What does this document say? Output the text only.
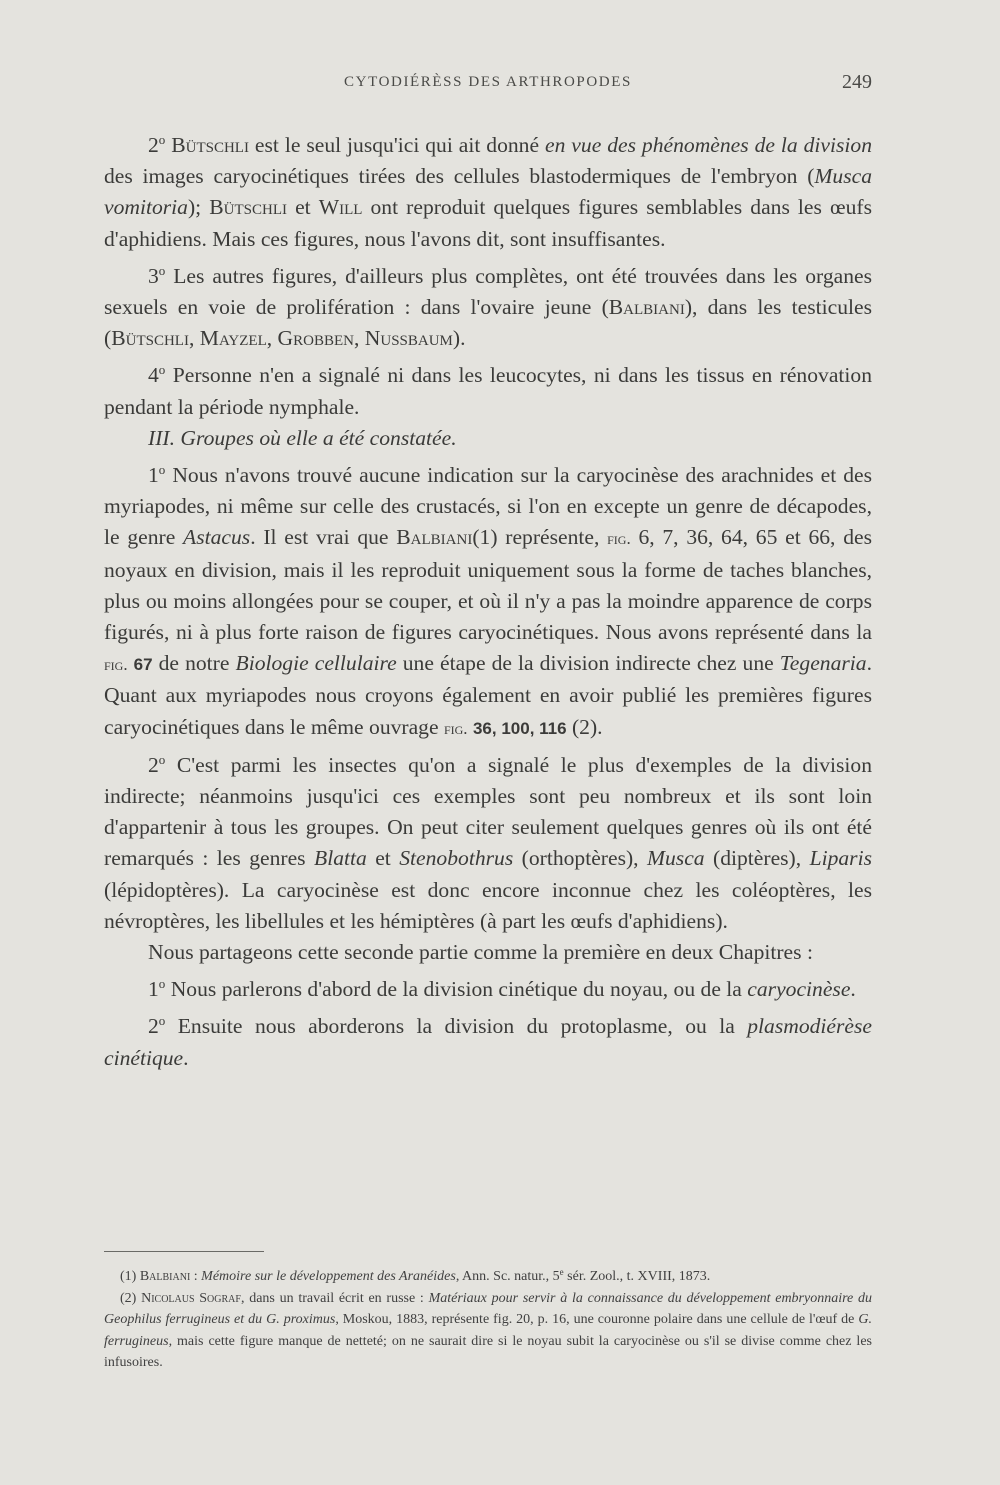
CYTODIÉRÈSS DES ARTHROPODES	249

2$^o$ Bütschli est le seul jusqu'ici qui ait donné en vue des phénomènes de la division des images caryocinétiques tirées des cellules blastodermiques de l'embryon (Musca vomitoria); Bütschli et Will ont reproduit quelques figures semblables dans les œufs d'aphidiens. Mais ces figures, nous l'avons dit, sont insuffisantes.

3$^o$ Les autres figures, d'ailleurs plus complètes, ont été trouvées dans les organes sexuels en voie de prolifération : dans l'ovaire jeune (Balbiani), dans les testicules (Bütschli, Mayzel, Grobben, Nussbaum).

4$^o$ Personne n'en a signalé ni dans les leucocytes, ni dans les tissus en rénovation pendant la période nymphale.

III. Groupes où elle a été constatée.

1$^o$ Nous n'avons trouvé aucune indication sur la caryocinèse des arachnides et des myriapodes, ni même sur celle des crustacés, si l'on en excepte un genre de décapodes, le genre Astacus. Il est vrai que Balbiani(1) représente, fig. 6, 7, 36, 64, 65 et 66, des noyaux en division, mais il les reproduit uniquement sous la forme de taches blanches, plus ou moins allongées pour se couper, et où il n'y a pas la moindre apparence de corps figurés, ni à plus forte raison de figures caryocinétiques. Nous avons représenté dans la fig. 67 de notre Biologie cellulaire une étape de la division indirecte chez une Tegenaria. Quant aux myriapodes nous croyons également en avoir publié les premières figures caryocinétiques dans le même ouvrage fig. 36, 100, 116 (2).

2$^o$ C'est parmi les insectes qu'on a signalé le plus d'exemples de la division indirecte; néanmoins jusqu'ici ces exemples sont peu nombreux et ils sont loin d'appartenir à tous les groupes. On peut citer seulement quelques genres où ils ont été remarqués : les genres Blatta et Stenobothrus (orthoptères), Musca (diptères), Liparis (lépidoptères). La caryocinèse est donc encore inconnue chez les coléoptères, les névroptères, les libellules et les hémiptères (à part les œufs d'aphidiens).

Nous partageons cette seconde partie comme la première en deux Chapitres :

1$^o$ Nous parlerons d'abord de la division cinétique du noyau, ou de la caryocinèse.

2$^o$ Ensuite nous aborderons la division du protoplasme, ou la plasmodiérèse cinétique.

(1) Balbiani : Mémoire sur le développement des Aranéides, Ann. Sc. natur., 5e sér. Zool., t. XVIII, 1873.

(2) Nicolaus Sograf, dans un travail écrit en russe : Matériaux pour servir à la connaissance du développement embryonnaire du Geophilus ferrugineus et du G. proximus, Moskou, 1883, représente fig. 20, p. 16, une couronne polaire dans une cellule de l'œuf de G. ferrugineus, mais cette figure manque de netteté; on ne saurait dire si le noyau subit la caryocinèse ou s'il se divise comme chez les infusoires.
